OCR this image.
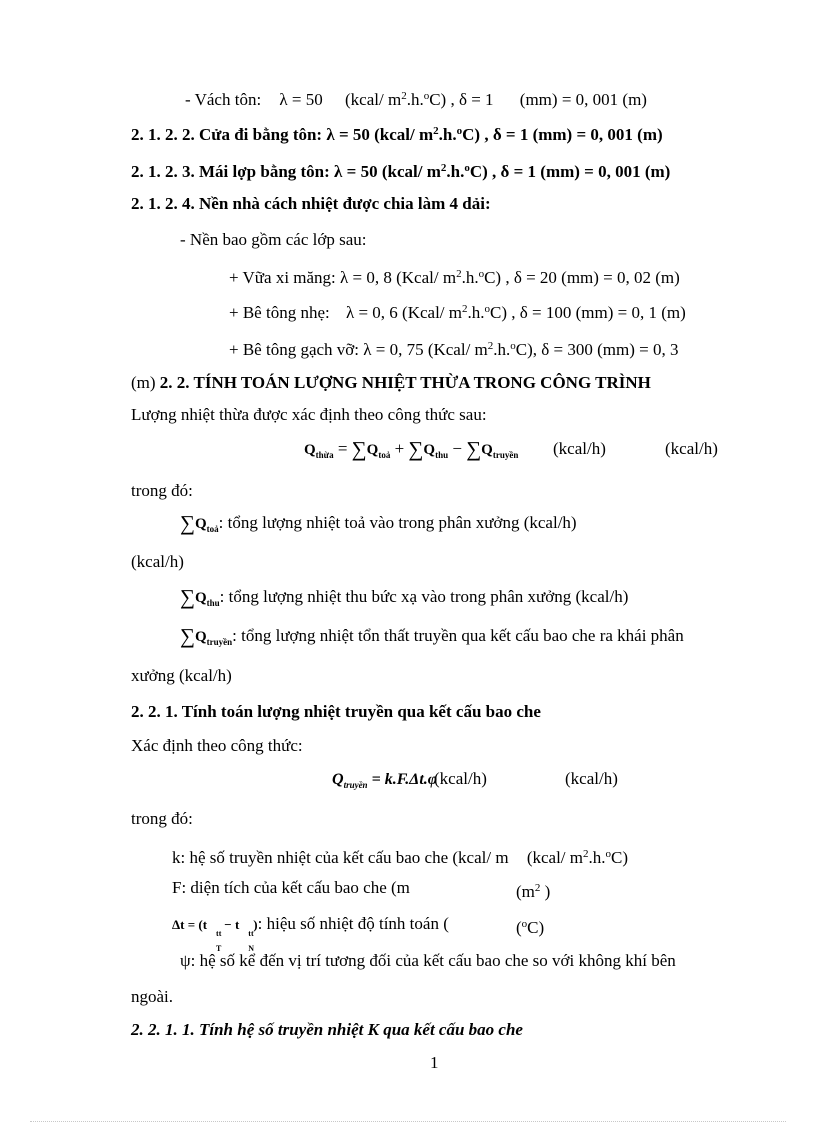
- Vách tôn: λ = 50 (kcal/ $m^2.h.^oC$) , δ = 1 (mm) = 0, 001 (m)
2. 1. 2. 2. Cửa đi bằng tôn: λ = 50 (kcal/ $m^2.h.^oC$) , δ = 1 (mm) = 0, 001 (m)
2. 1. 2. 3. Mái lợp bằng tôn: λ = 50 (kcal/ $m^2.h.^oC$) , δ = 1 (mm) = 0, 001 (m)
2. 1. 2. 4. Nền nhà cách nhiệt được chia làm 4 dải:
- Nền bao gồm các lớp sau:
+ Vữa xi măng: λ = 0, 8 (Kcal/ $m^2.h.^oC$) , δ = 20 (mm) = 0, 02 (m)
+ Bê tông nhẹ: λ = 0, 6 (Kcal/ $m^2.h.^oC$) , δ = 100 (mm) = 0, 1 (m)
+ Bê tông gạch vỡ: λ = 0, 75 (Kcal/ $m^2.h.^oC$), δ = 300 (mm) = 0, 3
(m) 2. 2. TÍNH TOÁN LƯỢNG NHIỆT THỪA TRONG CÔNG TRÌNH
Lượng nhiệt thừa được xác định theo công thức sau:
$Q_{thừa} = \sum Q_{toả} + \sum Q_{thu} - \sum Q_{truyền}$ (kcal/h)	(kcal/h)
trong đó:
$\sum Q_{toả}$: tổng lượng nhiệt toả vào trong phân xưởng (kcal/h)
(kcal/h)
$\sum Q_{thu}$: tổng lượng nhiệt thu bức xạ vào trong phân xưởng (kcal/h)
$\sum Q_{truyền}$: tổng lượng nhiệt tổn thất truyền qua kết cấu bao che ra khái phân
xưởng (kcal/h)
2. 2. 1. Tính toán lượng nhiệt truyền qua kết cấu bao che
Xác định theo công thức:
$Q_{truyền} = k.F.\Delta t.\varphi$
(kcal/h)	(kcal/h)
trong đó:
k: hệ số truyền nhiệt của kết cấu bao che (kcal/ m (kcal/ $m^2.h.^oC$)
F: diện tích của kết cấu bao che (m	($m^2$ )
Δt = (t
tt
T
− t
tt
N
): hiệu số nhiệt độ tính toán (	($^o$C)
ψ: hệ số kể đến vị trí tương đối của kết cấu bao che so với không khí bên
ngoài.
2. 2. 1. 1. Tính hệ số truyền nhiệt K qua kết cấu bao che
1
